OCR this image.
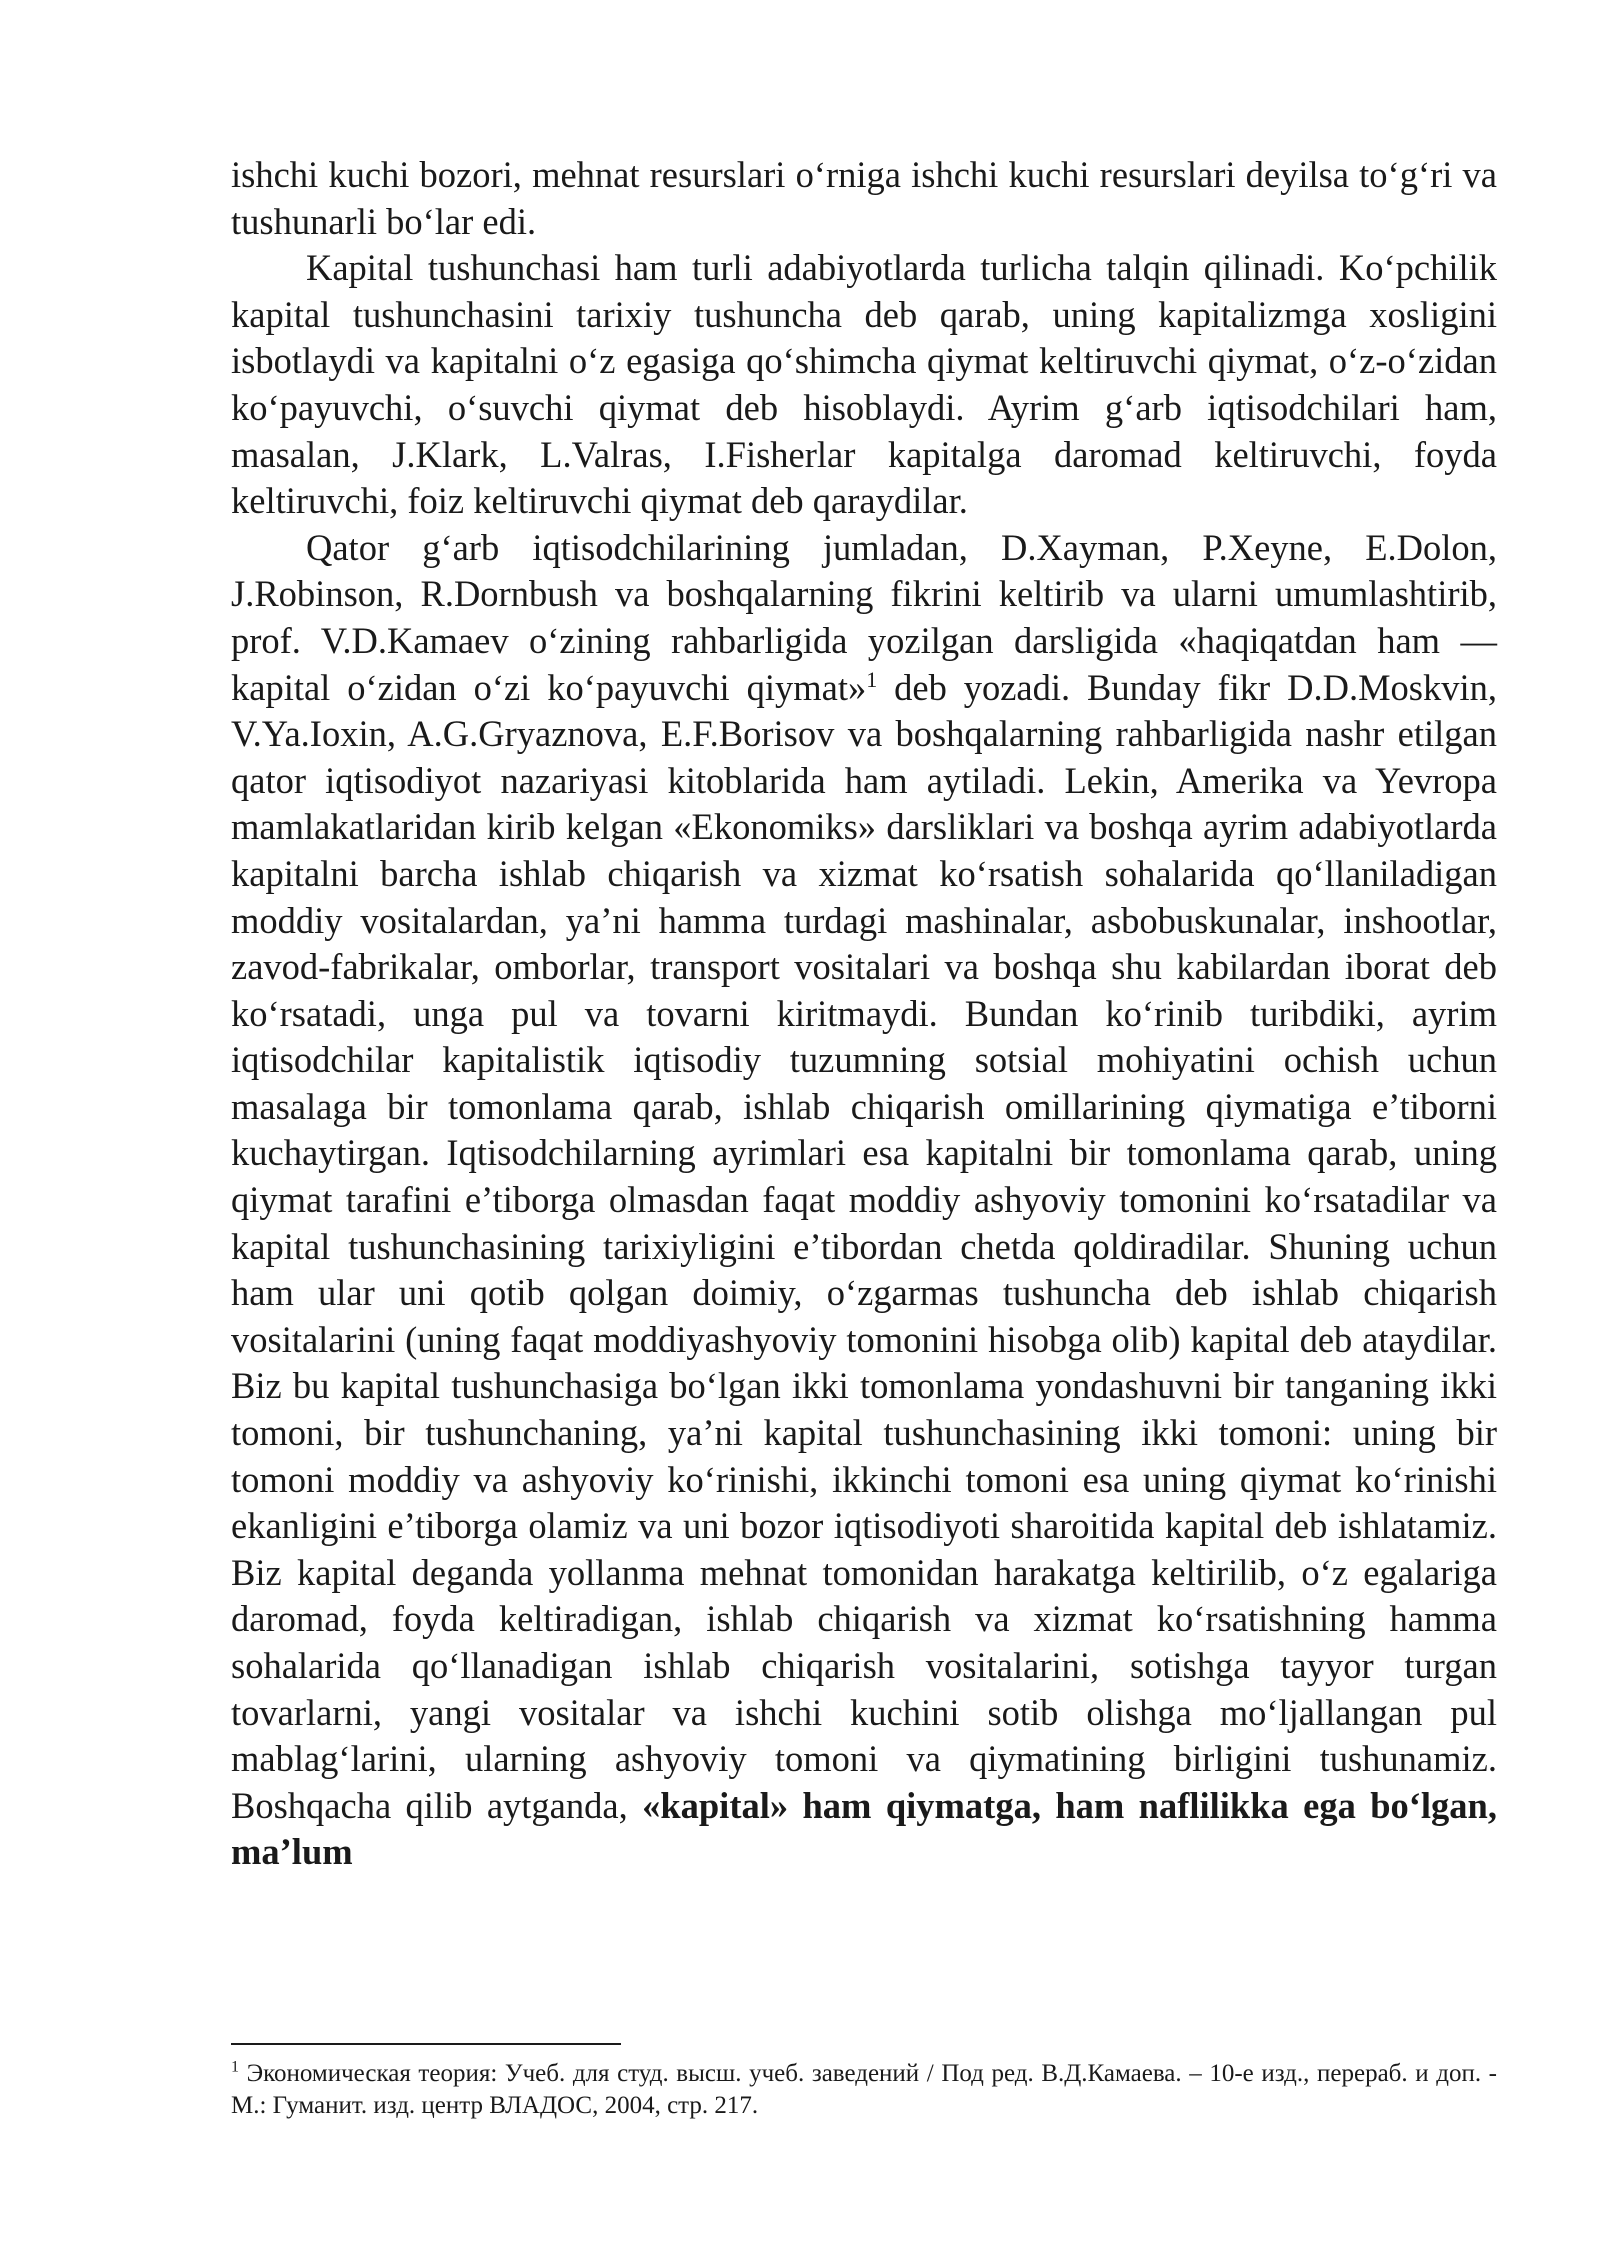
ishchi kuchi bozori, mehnat resurslari o‘rniga ishchi kuchi resurslari deyilsa to‘g‘ri va tushunarli bo‘lar edi.

Kapital tushunchasi ham turli adabiyotlarda turlicha talqin qilinadi. Ko‘pchilik kapital tushunchasini tarixiy tushuncha deb qarab, uning kapitalizmga xosligini isbotlaydi va kapitalni o‘z egasiga qo‘shimcha qiymat keltiruvchi qiymat, o‘z-o‘zidan ko‘payuvchi, o‘suvchi qiymat deb hisoblaydi. Ayrim g‘arb iqtisodchilari ham, masalan, J.Klark, L.Valras, I.Fisherlar kapitalga daromad keltiruvchi, foyda keltiruvchi, foiz keltiruvchi qiymat deb qaraydilar.

Qator g‘arb iqtisodchilarining jumladan, D.Xayman, P.Xeyne, E.Dolon, J.Robinson, R.Dornbush va boshqalarning fikrini keltirib va ularni umumlashtirib, prof. V.D.Kamaev o‘zining rahbarligida yozilgan darsligida «haqiqatdan ham — kapital o‘zidan o‘zi ko‘payuvchi qiymat»$^1$ deb yozadi. Bunday fikr D.D.Moskvin, V.Ya.Ioxin, A.G.Gryaznova, E.F.Borisov va boshqalarning rahbarligida nashr etilgan qator iqtisodiyot nazariyasi kitoblarida ham aytiladi. Lekin, Amerika va Yevropa mamlakatlaridan kirib kelgan «Ekonomiks» darsliklari va boshqa ayrim adabiyotlarda kapitalni barcha ishlab chiqarish va xizmat ko‘rsatish sohalarida qo‘llaniladigan moddiy vositalardan, ya’ni hamma turdagi mashinalar, asbobuskunalar, inshootlar, zavod-fabrikalar, omborlar, transport vositalari va boshqa shu kabilardan iborat deb ko‘rsatadi, unga pul va tovarni kiritmaydi. Bundan ko‘rinib turibdiki, ayrim iqtisodchilar kapitalistik iqtisodiy tuzumning sotsial mohiyatini ochish uchun masalaga bir tomonlama qarab, ishlab chiqarish omillarining qiymatiga e’tiborni kuchaytirgan. Iqtisodchilarning ayrimlari esa kapitalni bir tomonlama qarab, uning qiymat tarafini e’tiborga olmasdan faqat moddiy ashyoviy tomonini ko‘rsatadilar va kapital tushunchasining tarixiyligini e’tibordan chetda qoldiradilar. Shuning uchun ham ular uni qotib qolgan doimiy, o‘zgarmas tushuncha deb ishlab chiqarish vositalarini (uning faqat moddiyashyoviy tomonini hisobga olib) kapital deb ataydilar. Biz bu kapital tushunchasiga bo‘lgan ikki tomonlama yondashuvni bir tanganing ikki tomoni, bir tushunchaning, ya’ni kapital tushunchasining ikki tomoni: uning bir tomoni moddiy va ashyoviy ko‘rinishi, ikkinchi tomoni esa uning qiymat ko‘rinishi ekanligini e’tiborga olamiz va uni bozor iqtisodiyoti sharoitida kapital deb ishlatamiz. Biz kapital deganda yollanma mehnat tomonidan harakatga keltirilib, o‘z egalariga daromad, foyda keltiradigan, ishlab chiqarish va xizmat ko‘rsatishning hamma sohalarida qo‘llanadigan ishlab chiqarish vositalarini, sotishga tayyor turgan tovarlarni, yangi vositalar va ishchi kuchini sotib olishga mo‘ljallangan pul mablag‘larini, ularning ashyoviy tomoni va qiymatining birligini tushunamiz. Boshqacha qilib aytganda, «kapital» ham qiymatga, ham naflilikka ega bo‘lgan, ma’lum

$^1$ Экономическая теория: Учеб. для студ. высш. учеб. заведений / Под ред. В.Д.Камаева. – 10-е изд., перераб. и доп. - М.: Гуманит. изд. центр ВЛАДОС, 2004, стр. 217.
